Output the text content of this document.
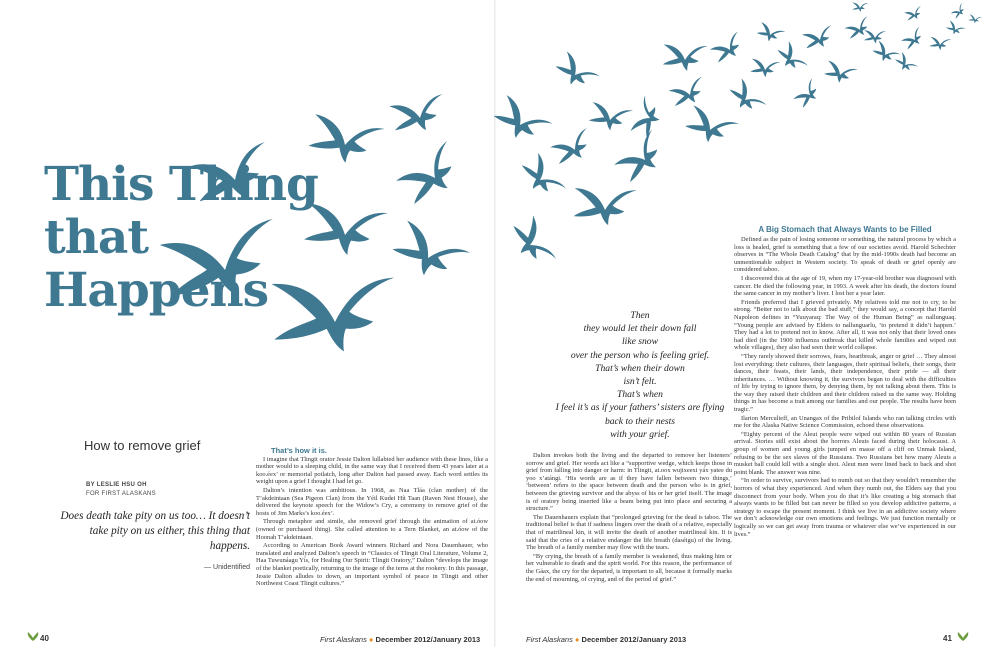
This Thing that Happens
How to remove grief
BY LESLIE HSU OH
FOR FIRST ALASKANS
Does death take pity on us too… It doesn’t take pity on us either, this thing that happens.
— Unidentified

That’s how it is.

I imagine that Tlingit orator Jessie Dalton lullabied her audience with these lines, like a mother would to a sleeping child, in the same way that I received them 43 years later at a koo.éex’ or memorial potlatch, long after Dalton had passed away. Each word settles its weight upon a grief I thought I had let go.

Dalton’s intention was ambitious. In 1968, as Naa Tláa (clan mother) of the T’akdeintaan (Sea Pigeon Clan) from the Yéil Kudei Hít Taan (Raven Nest House), she delivered the keynote speech for the Widow’s Cry, a ceremony to remove grief of the hosts of Jim Marks’s koo.éex’.

Through metaphor and simile, she removed grief through the animation of at.óow (owned or purchased thing). She called attention to a Tern Blanket, an at.óow of the Hoonah T’akdeintaan.

According to American Book Award winners Richard and Nora Dauenhauer, who translated and analyzed Dalton’s speech in “Classics of Tlingit Oral Literature, Volume 2, Haa Tuwunáagu Yís, for Healing Our Spirit: Tlingit Oratory,” Dalton “develops the image of the blanket poetically, returning to the image of the terns at the rookery. In this passage, Jessie Dalton alludes to down, an important symbol of peace in Tlingit and other Northwest Coast Tlingit cultures.”

Then
they would let their down fall
like snow
over the person who is feeling grief.
That’s when their down
isn’t felt.
That’s when
I feel it’s as if your fathers’ sisters are flying
back to their nests
with your grief.

Dalton invokes both the living and the departed to remove her listeners’ sorrow and grief. Her words act like a “supportive wedge, which keeps those in grief from falling into danger or harm: in Tlingit, at.oox wujixeexi yáx yatee du yoo x’atángi. ‘His words are as if they have fallen between two things,’ ‘between’ refers to the space between death and the person who is in grief, between the grieving survivor and the abyss of his or her grief itself. The image is of oratory being inserted like a beam being put into place and securing a structure.”

The Dauenhauers explain that “prolonged grieving for the dead is taboo. The traditional belief is that if sadness lingers over the death of a relative, especially that of matrilineal kin, it will invite the death of another matrilineal kin. It is said that the cries of a relative endanger the life breath (daséigu) of the living. The breath of a family member may flow with the tears.

“By crying, the breath of a family member is weakened, thus making him or her vulnerable to death and the spirit world. For this reason, the performance of the Gáax, the cry for the departed, is important to all, because it formally marks the end of mourning, of crying, and of the period of grief.”

A Big Stomach that Always Wants to be Filled

Defined as the pain of losing someone or something, the natural process by which a loss is healed, grief is something that a few of our societies avoid. Harold Schechter observes in “The Whole Death Catalog” that by the mid-1990s death had become an unmentionable subject in Western society. To speak of death or grief openly are considered taboo.

I discovered this at the age of 19, when my 17-year-old brother was diagnosed with cancer. He died the following year, in 1993. A week after his death, the doctors found the same cancer in my mother’s liver. I lost her a year later.

Friends preferred that I grieved privately. My relatives told me not to cry, to be strong. “Better not to talk about the bad stuff,” they would say, a concept that Harold Napoleon defines in “Yuuyaraq: The Way of the Human Being” as nallunguaq. “Young people are advised by Elders to nallunguarlu, ‘to pretend it didn’t happen.’ They had a lot to pretend not to know. After all, it was not only that their loved ones had died (in the 1900 influenza outbreak that killed whole families and wiped out whole villages), they also had seen their world collapse.

“They rarely showed their sorrows, fears, heartbreak, anger or grief … They almost lost everything: their cultures, their languages, their spiritual beliefs, their songs, their dances, their feasts, their lands, their independence, their pride — all their inheritances. … Without knowing it, the survivors began to deal with the difficulties of life by trying to ignore them, by denying them, by not talking about them. This is the way they raised their children and their children raised us the same way. Holding things in has become a trait among our families and our people. The results have been tragic.”

Ilarion Merculieff, an Unangax of the Pribilof Islands who ran talking circles with me for the Alaska Native Science Commission, echoed these observations.

“Eighty percent of the Aleut people were wiped out within 80 years of Russian arrival. Stories still exist about the horrors Aleuts faced during their holocaust. A group of women and young girls jumped en masse off a cliff on Unmak Island, refusing to be the sex slaves of the Russians. Two Russians bet how many Aleuts a musket ball could kill with a single shot. Aleut men were lined back to back and shot point blank. The answer was nine.

“In order to survive, survivors had to numb out so that they wouldn’t remember the horrors of what they experienced. And when they numb out, the Elders say that you disconnect from your body. When you do that it’s like creating a big stomach that always wants to be filled but can never be filled so you develop addictive patterns, a strategy to escape the present moment. I think we live in an addictive society where we don’t acknowledge our own emotions and feelings. We just function mentally or logically so we can get away from trauma or whatever else we’ve experienced in our lives.”

40	First Alaskans ● December 2012/January 2013	First Alaskans ● December 2012/January 2013	41
